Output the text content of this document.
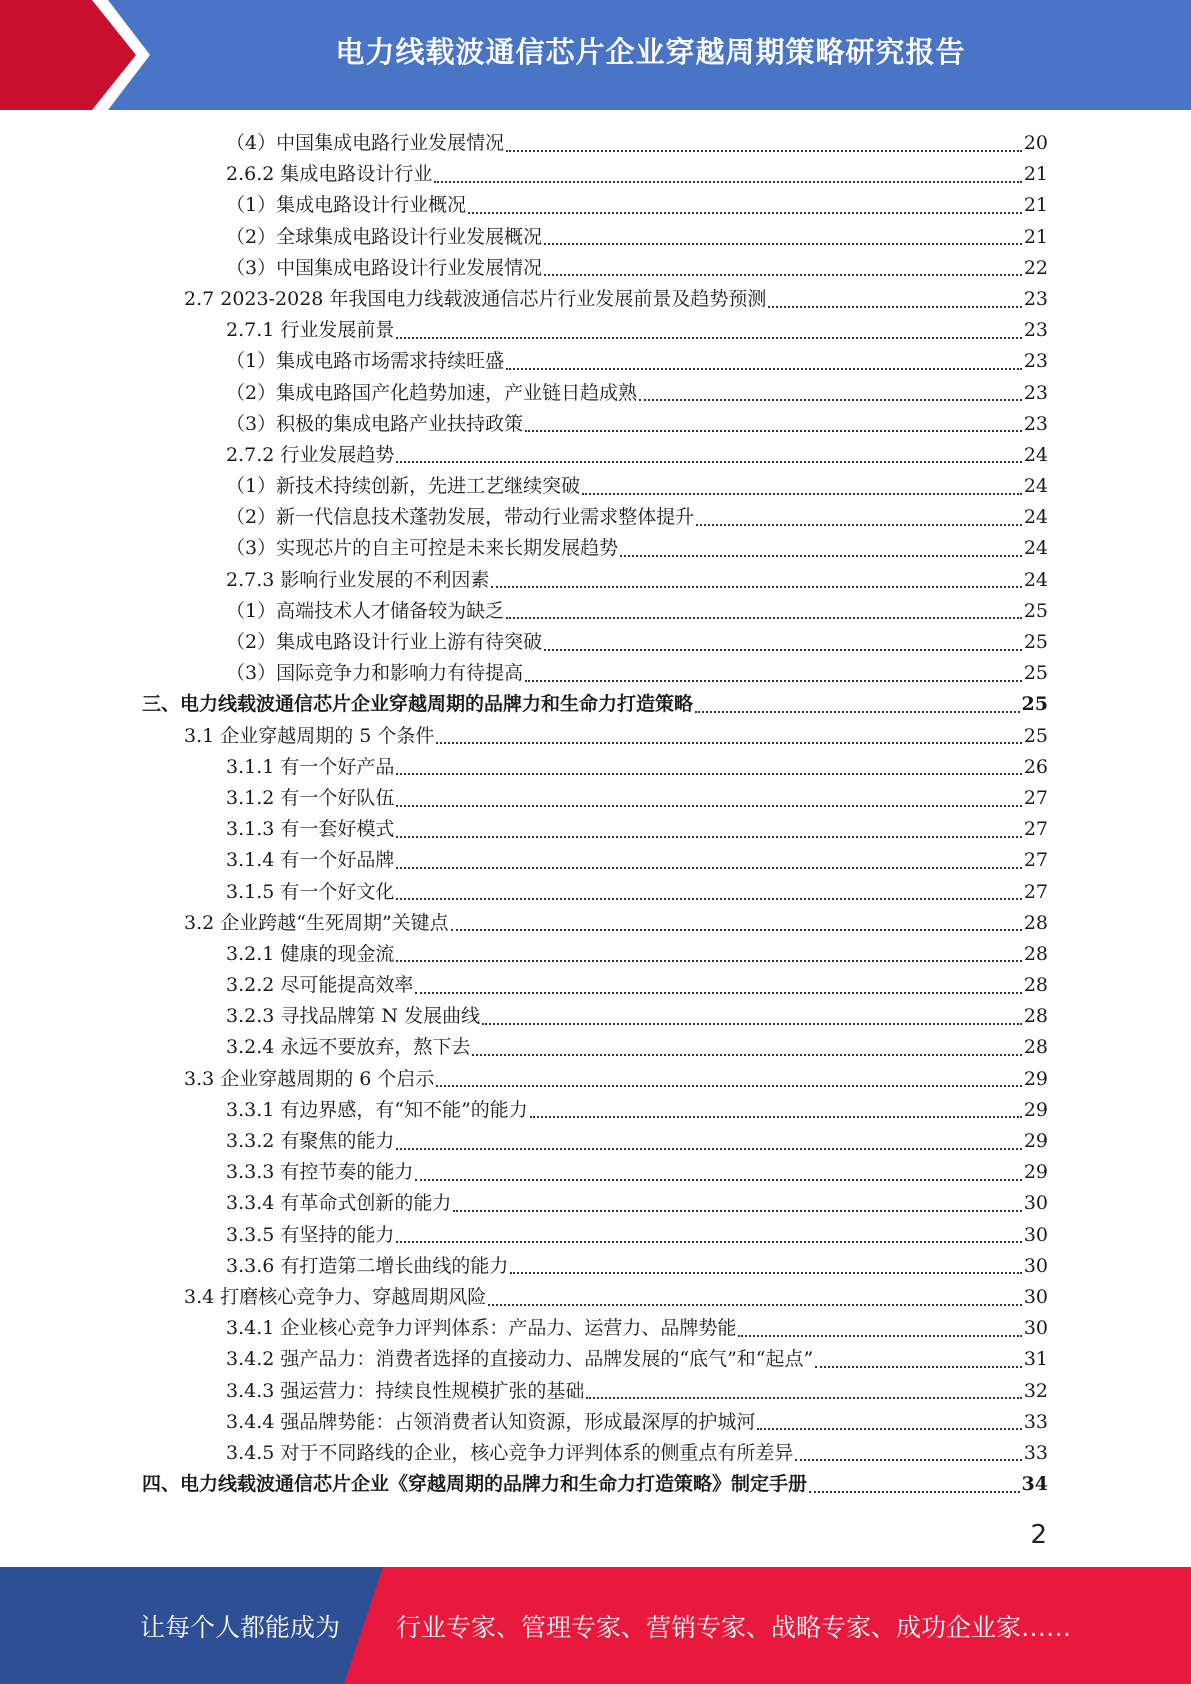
电力线载波通信芯片企业穿越周期策略研究报告
（4）中国集成电路行业发展情况	20
2.6.2 集成电路设计行业	21
（1）集成电路设计行业概况	21
（2）全球集成电路设计行业发展概况	21
（3）中国集成电路设计行业发展情况	22
2.7 2023-2028 年我国电力线载波通信芯片行业发展前景及趋势预测	23
2.7.1 行业发展前景	23
（1）集成电路市场需求持续旺盛	23
（2）集成电路国产化趋势加速，产业链日趋成熟	23
（3）积极的集成电路产业扶持政策	23
2.7.2 行业发展趋势	24
（1）新技术持续创新，先进工艺继续突破	24
（2）新一代信息技术蓬勃发展，带动行业需求整体提升	24
（3）实现芯片的自主可控是未来长期发展趋势	24
2.7.3 影响行业发展的不利因素	24
（1）高端技术人才储备较为缺乏	25
（2）集成电路设计行业上游有待突破	25
（3）国际竞争力和影响力有待提高	25
三、电力线载波通信芯片企业穿越周期的品牌力和生命力打造策略	25
3.1 企业穿越周期的 5 个条件	25
3.1.1 有一个好产品	26
3.1.2 有一个好队伍	27
3.1.3 有一套好模式	27
3.1.4 有一个好品牌	27
3.1.5 有一个好文化	27
3.2 企业跨越“生死周期”关键点	28
3.2.1 健康的现金流	28
3.2.2 尽可能提高效率	28
3.2.3 寻找品牌第 N 发展曲线	28
3.2.4 永远不要放弃，熬下去	28
3.3 企业穿越周期的 6 个启示	29
3.3.1 有边界感，有“知不能”的能力	29
3.3.2 有聚焦的能力	29
3.3.3 有控节奏的能力	29
3.3.4 有革命式创新的能力	30
3.3.5 有坚持的能力	30
3.3.6 有打造第二增长曲线的能力	30
3.4 打磨核心竞争力、穿越周期风险	30
3.4.1 企业核心竞争力评判体系：产品力、运营力、品牌势能	30
3.4.2 强产品力：消费者选择的直接动力、品牌发展的“底气”和“起点”	31
3.4.3 强运营力：持续良性规模扩张的基础	32
3.4.4 强品牌势能：占领消费者认知资源，形成最深厚的护城河	33
3.4.5 对于不同路线的企业，核心竞争力评判体系的侧重点有所差异	33
四、电力线载波通信芯片企业《穿越周期的品牌力和生命力打造策略》制定手册	34
2
让每个人都能成为 行业专家、管理专家、营销专家、战略专家、成功企业家……
